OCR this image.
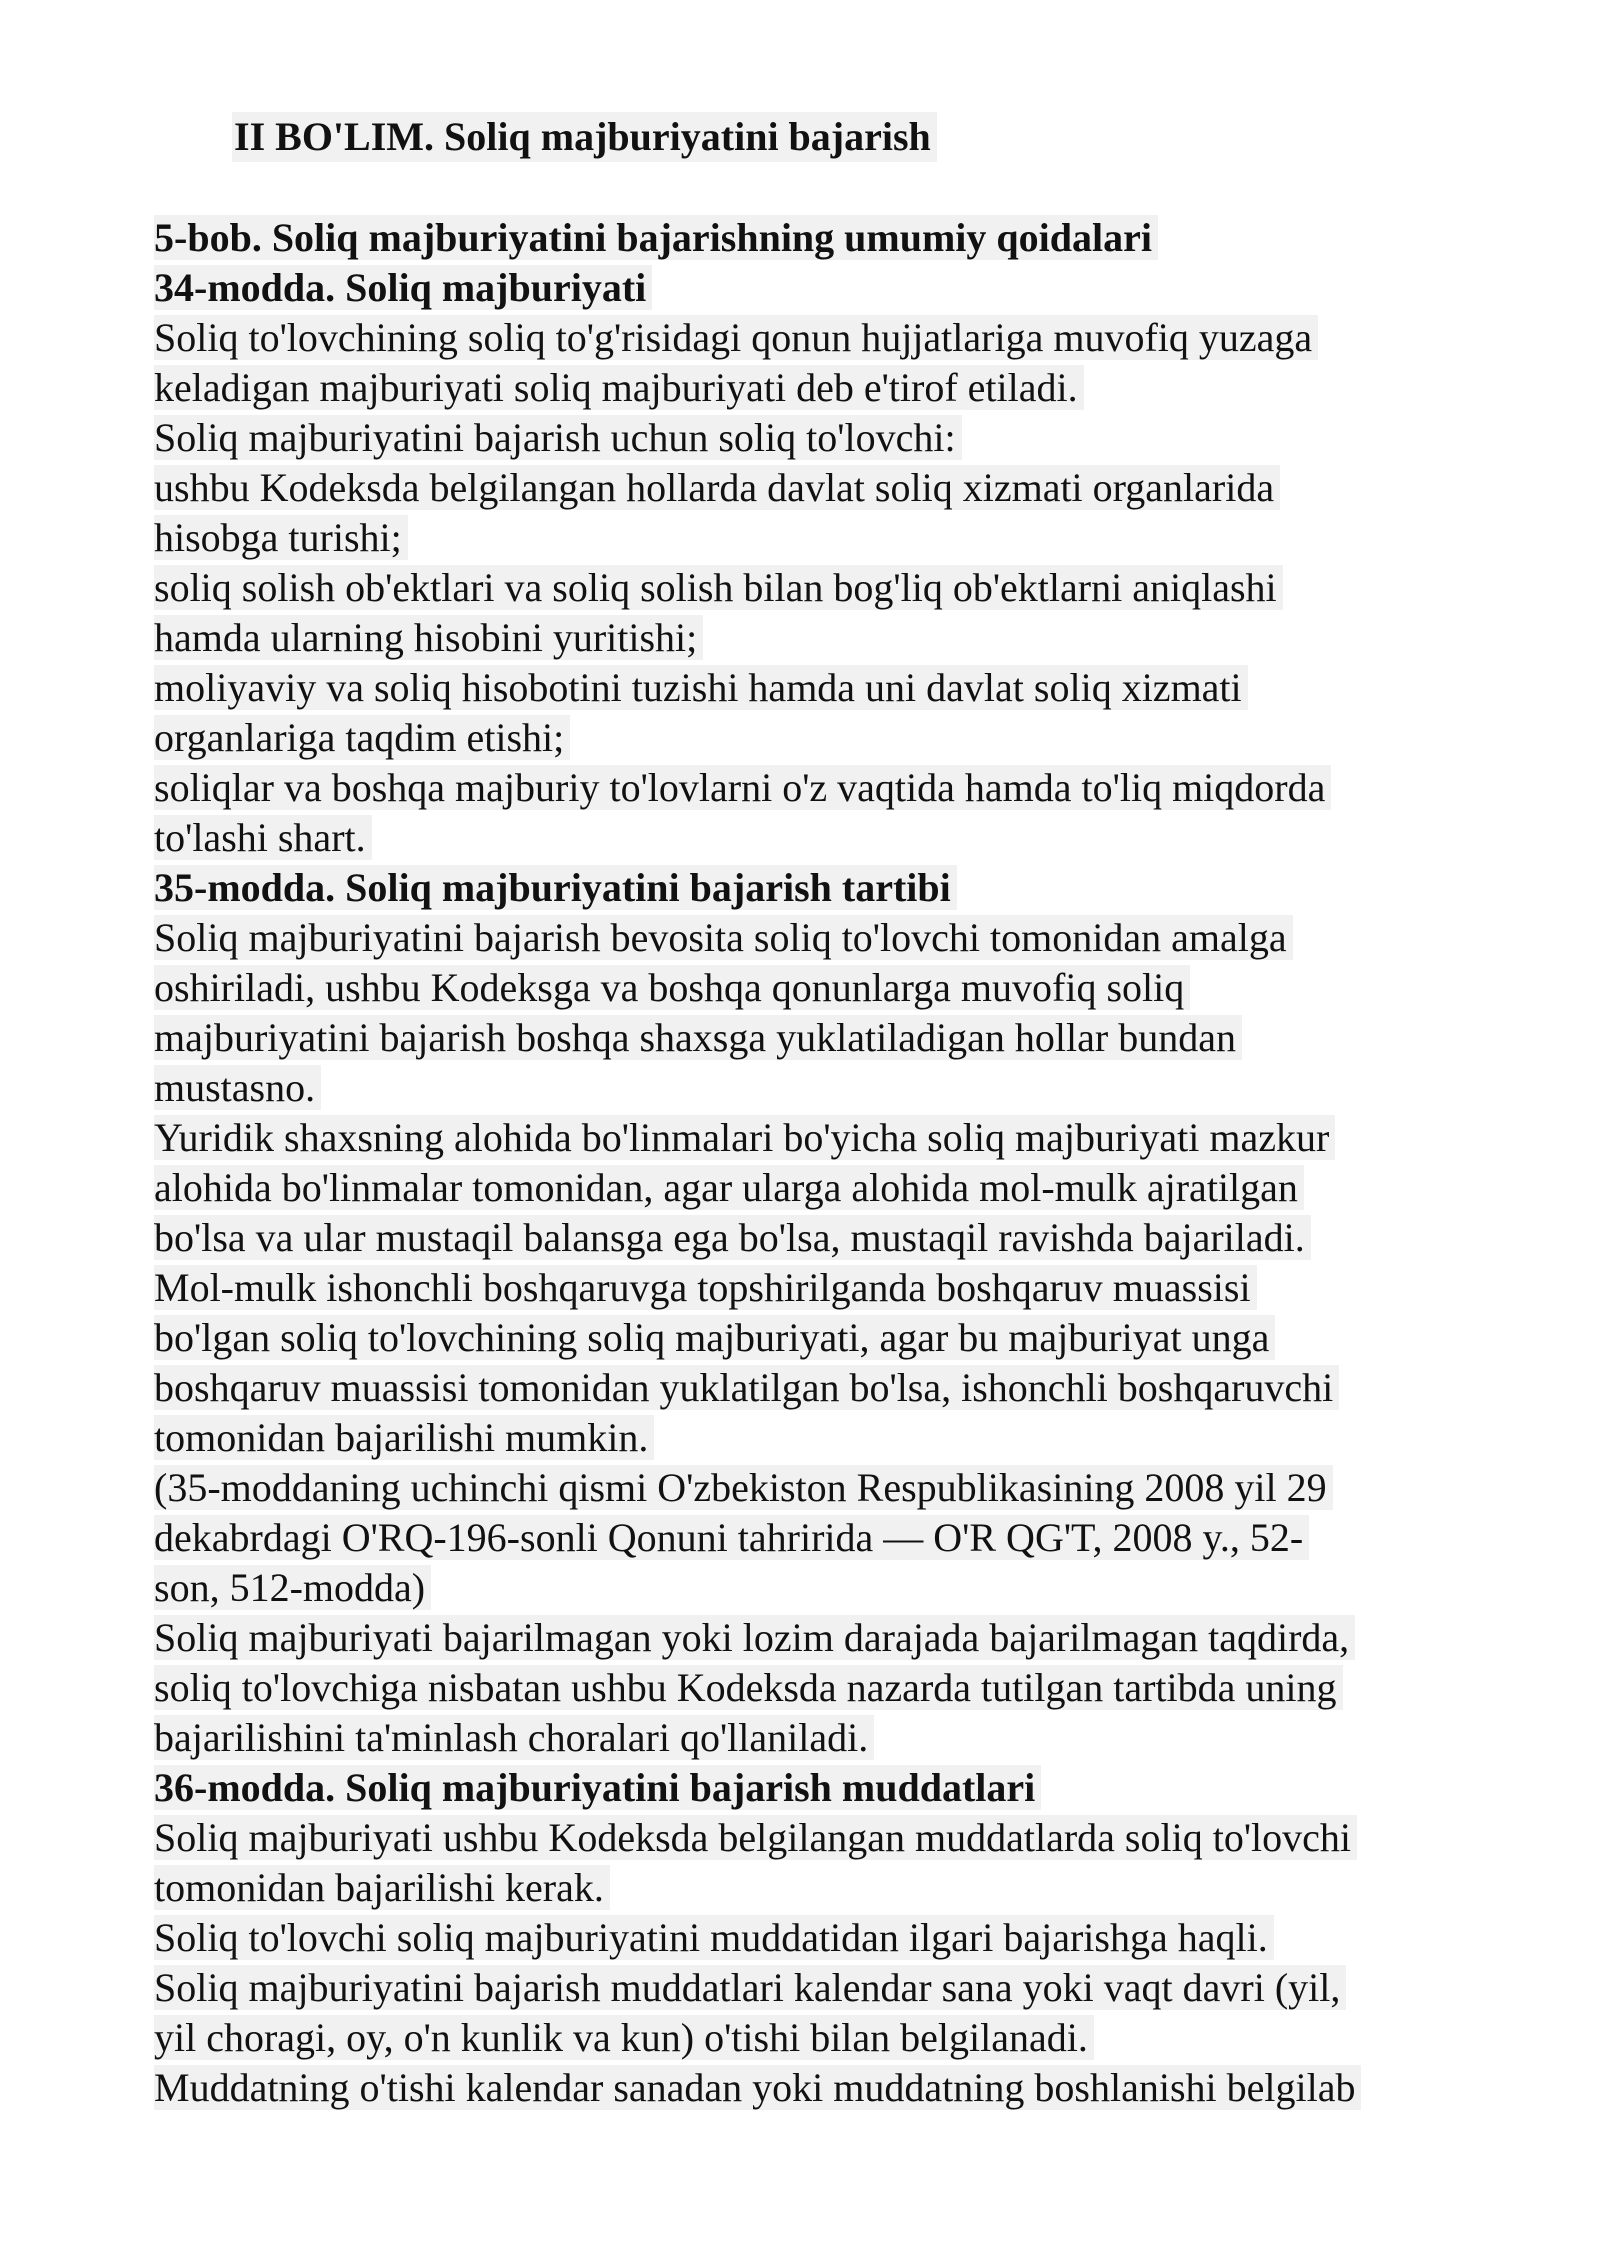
II BO'LIM. Soliq majburiyatini bajarish
5-bob. Soliq majburiyatini bajarishning umumiy qoidalari
34-modda. Soliq majburiyati
Soliq to'lovchining soliq to'g'risidagi qonun hujjatlariga muvofiq yuzaga
keladigan majburiyati soliq majburiyati deb e'tirof etiladi.
Soliq majburiyatini bajarish uchun soliq to'lovchi:
ushbu Kodeksda belgilangan hollarda davlat soliq xizmati organlarida
hisobga turishi;
soliq solish ob'ektlari va soliq solish bilan bog'liq ob'ektlarni aniqlashi
hamda ularning hisobini yuritishi;
moliyaviy va soliq hisobotini tuzishi hamda uni davlat soliq xizmati
organlariga taqdim etishi;
soliqlar va boshqa majburiy to'lovlarni o'z vaqtida hamda to'liq miqdorda
to'lashi shart.
35-modda. Soliq majburiyatini bajarish tartibi
Soliq majburiyatini bajarish bevosita soliq to'lovchi tomonidan amalga
oshiriladi, ushbu Kodeksga va boshqa qonunlarga muvofiq soliq
majburiyatini bajarish boshqa shaxsga yuklatiladigan hollar bundan
mustasno.
Yuridik shaxsning alohida bo'linmalari bo'yicha soliq majburiyati mazkur
alohida bo'linmalar tomonidan, agar ularga alohida mol-mulk ajratilgan
bo'lsa va ular mustaqil balansga ega bo'lsa, mustaqil ravishda bajariladi.
Mol-mulk ishonchli boshqaruvga topshirilganda boshqaruv muassisi
bo'lgan soliq to'lovchining soliq majburiyati, agar bu majburiyat unga
boshqaruv muassisi tomonidan yuklatilgan bo'lsa, ishonchli boshqaruvchi
tomonidan bajarilishi mumkin.
(35-moddaning uchinchi qismi O'zbekiston Respublikasining 2008 yil 29
dekabrdagi O'RQ-196-sonli Qonuni tahririda — O'R QG'T, 2008 y., 52-
son, 512-modda)
Soliq majburiyati bajarilmagan yoki lozim darajada bajarilmagan taqdirda,
soliq to'lovchiga nisbatan ushbu Kodeksda nazarda tutilgan tartibda uning
bajarilishini ta'minlash choralari qo'llaniladi.
36-modda. Soliq majburiyatini bajarish muddatlari
Soliq majburiyati ushbu Kodeksda belgilangan muddatlarda soliq to'lovchi
tomonidan bajarilishi kerak.
Soliq to'lovchi soliq majburiyatini muddatidan ilgari bajarishga haqli.
Soliq majburiyatini bajarish muddatlari kalendar sana yoki vaqt davri (yil,
yil choragi, oy, o'n kunlik va kun) o'tishi bilan belgilanadi.
Muddatning o'tishi kalendar sanadan yoki muddatning boshlanishi belgilab
